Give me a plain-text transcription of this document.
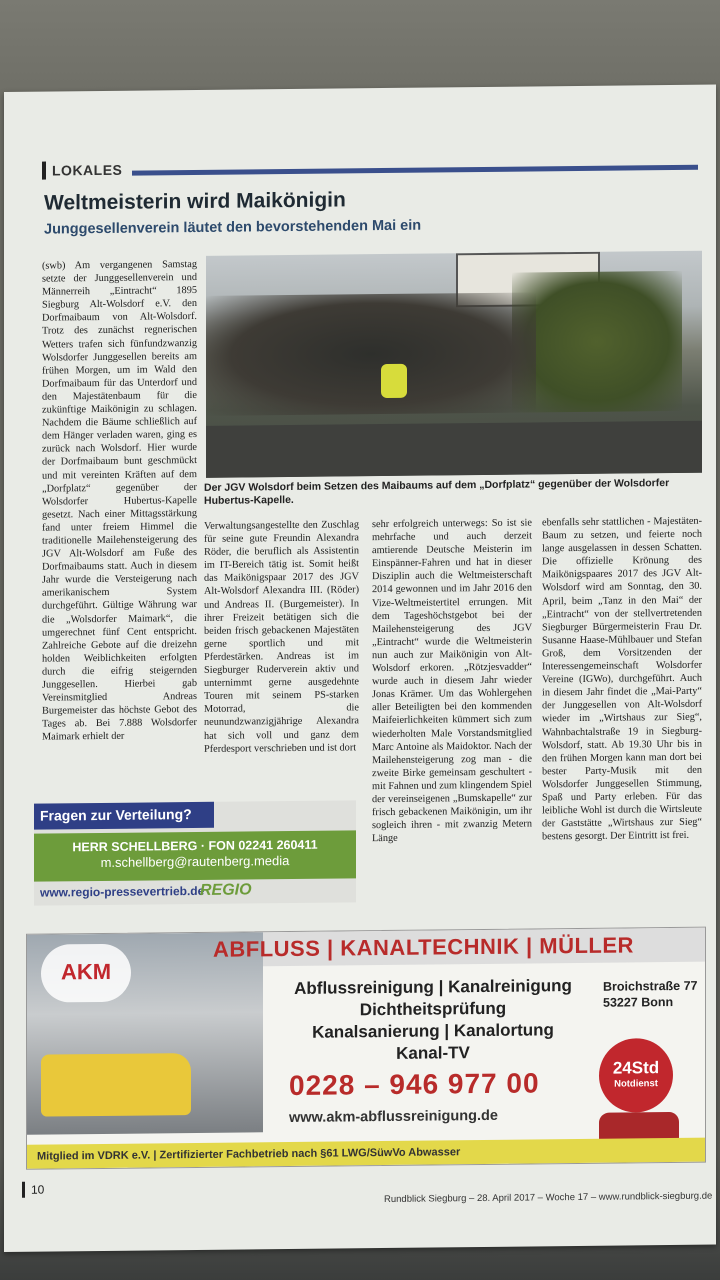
LOKALES
Weltmeisterin wird Maikönigin
Junggesellenverein läutet den bevorstehenden Mai ein
(swb) Am vergangenen Samstag setzte der Junggesellenverein und Männerreih „Eintracht“ 1895 Siegburg Alt-Wolsdorf e.V. den Dorfmaibaum von Alt-Wolsdorf. Trotz des zunächst regnerischen Wetters trafen sich fünfundzwanzig Wolsdorfer Junggesellen bereits am frühen Morgen, um im Wald den Dorfmaibaum für das Unterdorf und den Majestätenbaum für die zukünftige Maikönigin zu schlagen. Nachdem die Bäume schließlich auf dem Hänger verladen waren, ging es zurück nach Wolsdorf. Hier wurde der Dorfmaibaum bunt geschmückt und mit vereinten Kräften auf dem „Dorfplatz“ gegenüber der Wolsdorfer Hubertus-Kapelle gesetzt. Nach einer Mittagsstärkung fand unter freiem Himmel die traditionelle Mailehensteigerung des JGV Alt-Wolsdorf am Fuße des Dorfmaibaums statt. Auch in diesem Jahr wurde die Versteigerung nach amerikanischem System durchgeführt. Gültige Währung war die „Wolsdorfer Maimark“, die umgerechnet fünf Cent entspricht. Zahlreiche Gebote auf die dreizehn holden Weiblichkeiten erfolgten durch die eifrig steigernden Junggesellen. Hierbei gab Vereinsmitglied Andreas Burgemeister das höchste Gebot des Tages ab. Bei 7.888 Wolsdorfer Maimark erhielt der
Der JGV Wolsdorf beim Setzen des Maibaums auf dem „Dorfplatz“ gegenüber der Wolsdorfer Hubertus-Kapelle.
Verwaltungsangestellte den Zuschlag für seine gute Freundin Alexandra Röder, die beruflich als Assistentin im IT-Bereich tätig ist. Somit heißt das Maikönigspaar 2017 des JGV Alt-Wolsdorf Alexandra III. (Röder) und Andreas II. (Burgemeister). In ihrer Freizeit betätigen sich die beiden frisch gebackenen Majestäten gerne sportlich und mit Pferdestärken. Andreas ist im Siegburger Ruderverein aktiv und unternimmt gerne ausgedehnte Touren mit seinem PS-starken Motorrad, die neunundzwanzigjährige Alexandra hat sich voll und ganz dem Pferdesport verschrieben und ist dort
sehr erfolgreich unterwegs: So ist sie mehrfache und auch derzeit amtierende Deutsche Meisterin im Einspänner-Fahren und hat in dieser Disziplin auch die Weltmeisterschaft 2014 gewonnen und im Jahr 2016 den Vize-Weltmeistertitel errungen. Mit dem Tageshöchstgebot bei der Mailehensteigerung des JGV „Eintracht“ wurde die Weltmeisterin nun auch zur Maikönigin von Alt-Wolsdorf erkoren. „Rötzjesvadder“ wurde auch in diesem Jahr wieder Jonas Krämer. Um das Wohlergehen aller Beteiligten bei den kommenden Maifeierlichkeiten kümmert sich zum wiederholten Male Vorstandsmitglied Marc Antoine als Maidoktor. Nach der Mailehensteigerung zog man - die zweite Birke gemeinsam geschultert - mit Fahnen und zum klingendem Spiel der vereinseigenen „Bumskapelle“ zur frisch gebackenen Maikönigin, um ihr sogleich ihren - mit zwanzig Metern Länge
ebenfalls sehr stattlichen - Majestäten-Baum zu setzen, und feierte noch lange ausgelassen in dessen Schatten. Die offizielle Krönung des Maikönigspaares 2017 des JGV Alt-Wolsdorf wird am Sonntag, den 30. April, beim „Tanz in den Mai“ der „Eintracht“ von der stellvertretenden Siegburger Bürgermeisterin Frau Dr. Susanne Haase-Mühlbauer und Stefan Groß, dem Vorsitzenden der Interessengemeinschaft Wolsdorfer Vereine (IGWo), durchgeführt. Auch in diesem Jahr findet die „Mai-Party“ der Junggesellen von Alt-Wolsdorf wieder im „Wirtshaus zur Sieg“, Wahnbachtalstraße 19 in Siegburg-Wolsdorf, statt. Ab 19.30 Uhr bis in den frühen Morgen kann man dort bei bester Party-Musik mit den Wolsdorfer Junggesellen Stimmung, Spaß und Party erleben. Für das leibliche Wohl ist durch die Wirtsleute der Gaststätte „Wirtshaus zur Sieg“ bestens gesorgt. Der Eintritt ist frei.
Fragen zur Verteilung?
HERR SCHELLBERG · FON 02241 260411
m.schellberg@rautenberg.media
www.regio-pressevertrieb.de
REGIO
AKM
ABFLUSS | KANALTECHNIK | MÜLLER
Abflussreinigung | Kanalreinigung
Dichtheitsprüfung
Kanalsanierung | Kanalortung
Kanal-TV
Broichstraße 77
53227 Bonn
0228 – 946 977 00
www.akm-abflussreinigung.de
24Std
Notdienst
Mitglied im VDRK e.V. | Zertifizierter Fachbetrieb nach §61 LWG/SüwVo Abwasser
10
Rundblick Siegburg – 28. April 2017 – Woche 17 – www.rundblick-siegburg.de
